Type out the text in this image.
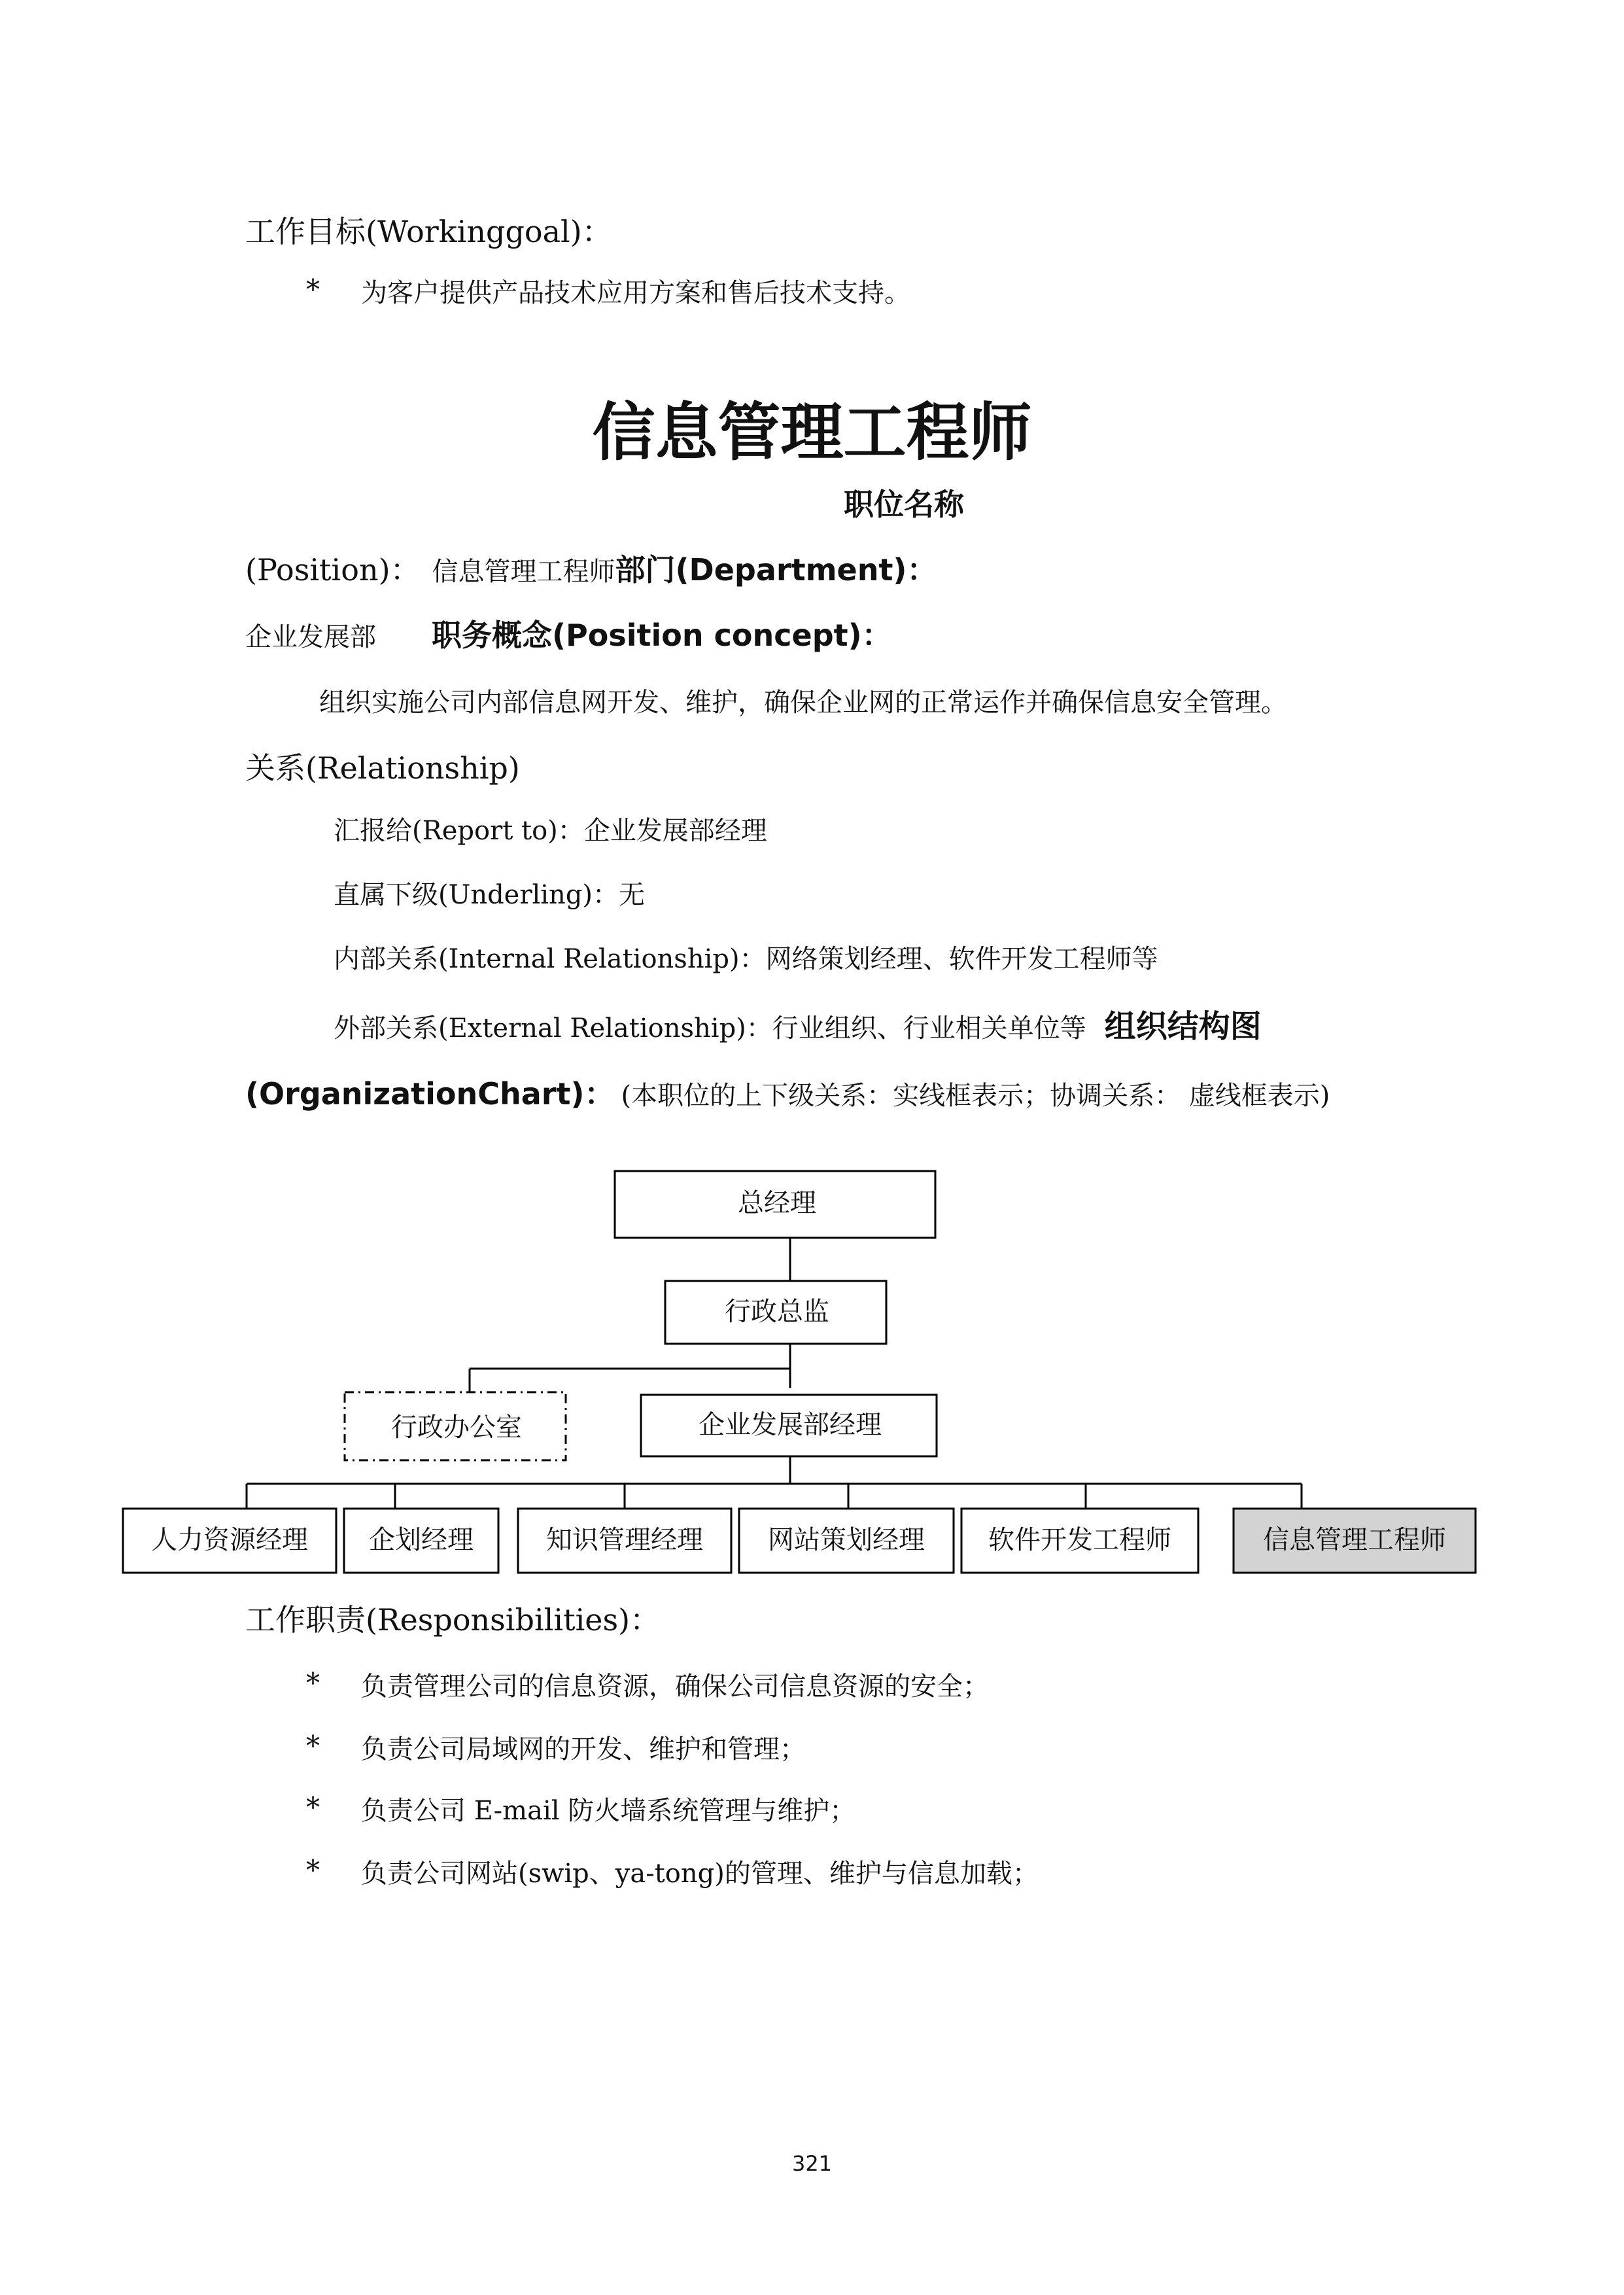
工作目标(Workinggoal)：
* 为客户提供产品技术应用方案和售后技术支持。
信息管理工程师
职位名称
(Position)： 信息管理工程师部门(Department)：
企业发展部 职务概念(Position concept)：
组织实施公司内部信息网开发、维护，确保企业网的正常运作并确保信息安全管理。
关系(Relationship)
汇报给(Report to)：企业发展部经理
直属下级(Underling)：无
内部关系(Internal Relationship)：网络策划经理、软件开发工程师等
外部关系(External Relationship)：行业组织、行业相关单位等 组织结构图
(OrganizationChart)： (本职位的上下级关系：实线框表示；协调关系： 虚线框表示)
总经理
行政总监
行政办公室	企业发展部经理
人力资源经理 企划经理	知识管理经理 网站策划经理 软件开发工程师	信息管理工程师
工作职责(Responsibilities)：
* 负责管理公司的信息资源，确保公司信息资源的安全；
* 负责公司局域网的开发、维护和管理；
* 负责公司 E-mail 防火墙系统管理与维护；
* 负责公司网站(swip、ya-tong)的管理、维护与信息加载；
321
